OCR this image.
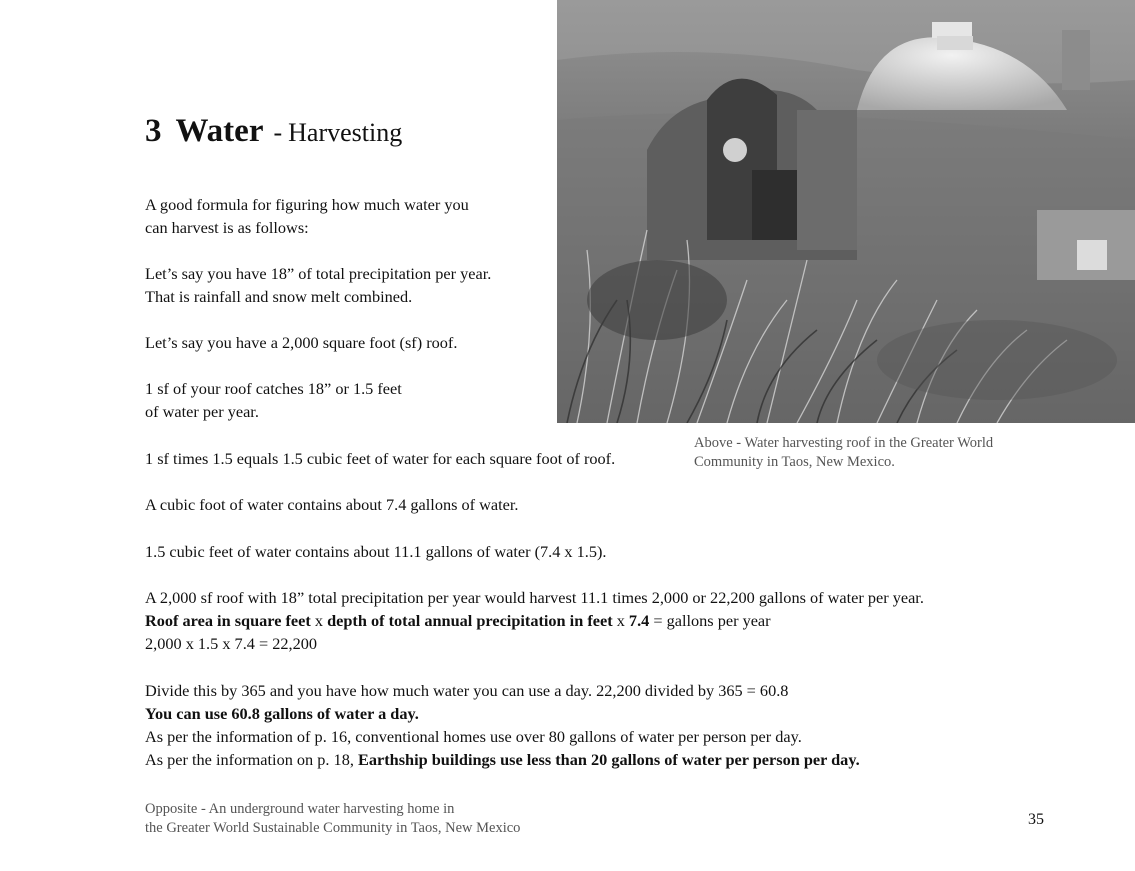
3 Water - Harvesting

A good formula for figuring how much water you
can harvest is as follows:

Let’s say you have 18” of total precipitation per year.
That is rainfall and snow melt combined.

Let’s say you have a 2,000 square foot (sf) roof.

1 sf of your roof catches 18” or 1.5 feet
of water per year.

1 sf times 1.5 equals 1.5 cubic feet of water for each square foot of roof.

A cubic foot of water contains about 7.4 gallons of water.

1.5 cubic feet of water contains about 11.1 gallons of water (7.4 x 1.5).

A 2,000 sf roof with 18” total precipitation per year would harvest 11.1 times 2,000 or 22,200 gallons of water per year.
Roof area in square feet x depth of total annual precipitation in feet x 7.4 = gallons per year
2,000 x 1.5 x 7.4 = 22,200

Divide this by 365 and you have how much water you can use a day. 22,200 divided by 365 = 60.8
You can use 60.8 gallons of water a day.
As per the information of p. 16, conventional homes use over 80 gallons of water per person per day.
As per the information on p. 18, Earthship buildings use less than 20 gallons of water per person per day.

Above - Water harvesting roof in the Greater World
Community in Taos, New Mexico.

Opposite - An underground water harvesting home in
the Greater World Sustainable Community in Taos, New Mexico	35
